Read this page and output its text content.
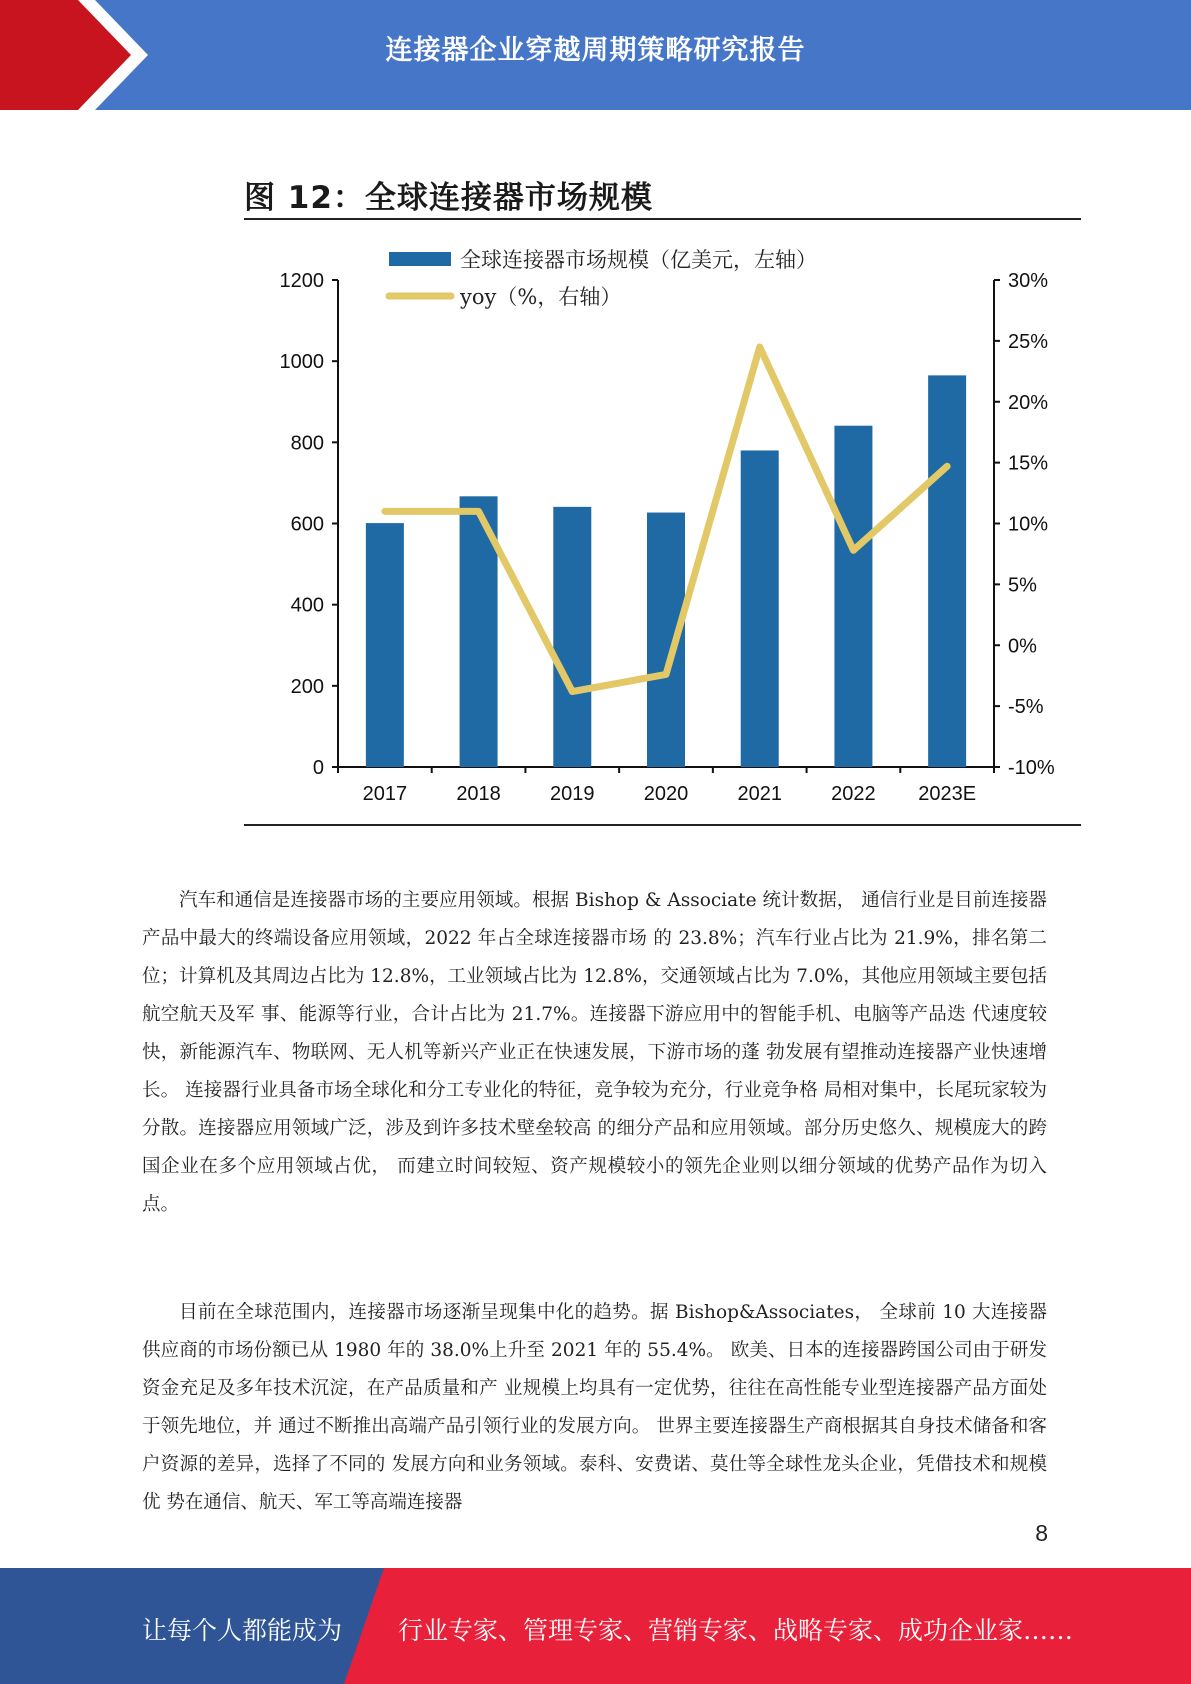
连接器企业穿越周期策略研究报告
图 12：全球连接器市场规模
全球连接器市场规模（亿美元，左轴）
yoy（%，右轴）
0
200
400
600
800
1000
1200
-10%
-5%
0%
5%
10%
15%
20%
25%
30%
2017 2018 2019 2020 2021 2022 2023E
汽车和通信是连接器市场的主要应用领域。根据 Bishop & Associate 统计数据， 通信行业是目前连接器产品中最大的终端设备应用领域，2022 年占全球连接器市场 的 23.8%；汽车行业占比为 21.9%，排名第二位；计算机及其周边占比为 12.8%，工业领域占比为 12.8%，交通领域占比为 7.0%，其他应用领域主要包括航空航天及军 事、能源等行业，合计占比为 21.7%。连接器下游应用中的智能手机、电脑等产品迭 代速度较快，新能源汽车、物联网、无人机等新兴产业正在快速发展，下游市场的蓬 勃发展有望推动连接器产业快速增长。 连接器行业具备市场全球化和分工专业化的特征，竞争较为充分，行业竞争格 局相对集中，长尾玩家较为分散。连接器应用领域广泛，涉及到许多技术壁垒较高 的细分产品和应用领域。部分历史悠久、规模庞大的跨国企业在多个应用领域占优， 而建立时间较短、资产规模较小的领先企业则以细分领域的优势产品作为切入点。
目前在全球范围内，连接器市场逐渐呈现集中化的趋势。据 Bishop&Associates， 全球前 10 大连接器供应商的市场份额已从 1980 年的 38.0%上升至 2021 年的 55.4%。 欧美、日本的连接器跨国公司由于研发资金充足及多年技术沉淀，在产品质量和产 业规模上均具有一定优势，往往在高性能专业型连接器产品方面处于领先地位，并 通过不断推出高端产品引领行业的发展方向。 世界主要连接器生产商根据其自身技术储备和客户资源的差异，选择了不同的 发展方向和业务领域。泰科、安费诺、莫仕等全球性龙头企业，凭借技术和规模优 势在通信、航天、军工等高端连接器
8
让每个人都能成为 行业专家、管理专家、营销专家、战略专家、成功企业家……
